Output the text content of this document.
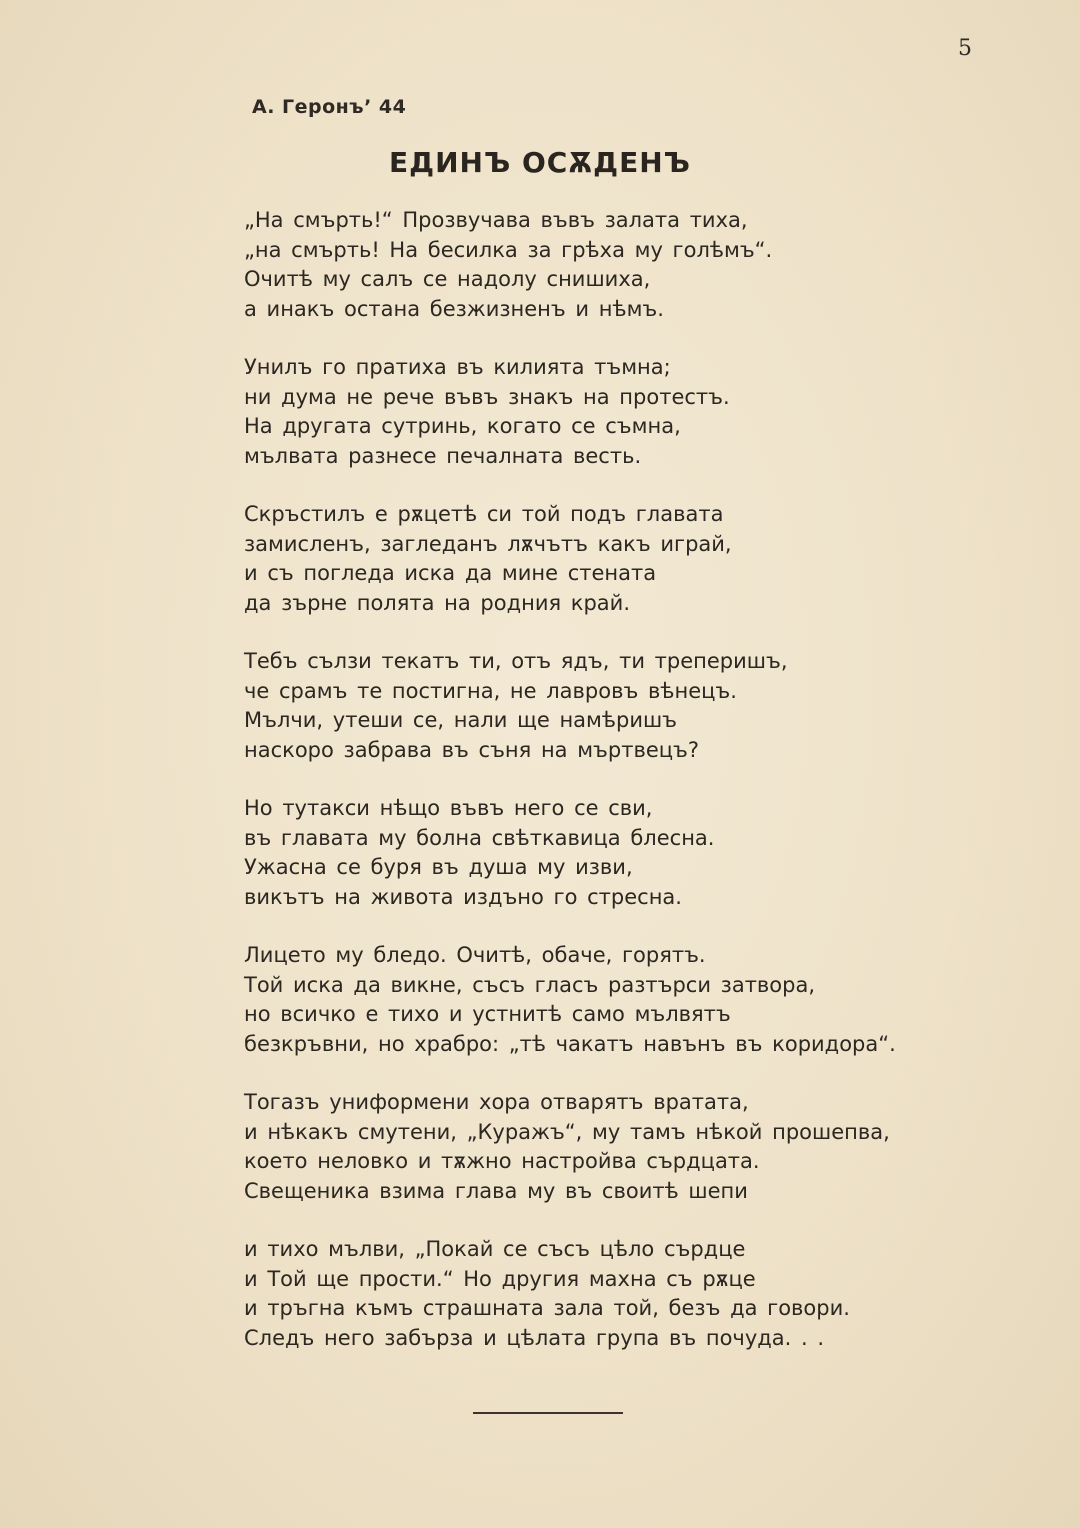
5
А. Геронъ’ 44
ЕДИНЪ ОСѪДЕНЪ
„На смърть!“ Прозвучава въвъ залата тиха,
„на смърть! На бесилка за грѣха му голѣмъ“.
Очитѣ му салъ се надолу снишиха,
а инакъ остана безжизненъ и нѣмъ.
Унилъ го пратиха въ килията тъмна;
ни дума не рече въвъ знакъ на протестъ.
На другата сутринь, когато се съмна,
мълвата разнесе печалната весть.
Скръстилъ е рѫцетѣ си той подъ главата
замисленъ, загледанъ лѫчътъ какъ играй,
и съ погледа иска да мине стената
да зърне полята на родния край.
Тебъ сълзи текатъ ти, отъ ядъ, ти треперишъ,
че срамъ те постигна, не лавровъ вѣнецъ.
Мълчи, утеши се, нали ще намѣришъ
наскоро забрава въ съня на мъртвецъ?
Но тутакси нѣщо въвъ него се сви,
въ главата му болна свѣткавица блесна.
Ужасна се буря въ душа му изви,
викътъ на живота издъно го стресна.
Лицето му бледо. Очитѣ, обаче, горятъ.
Той иска да викне, съсъ гласъ разтърси затвора,
но всичко е тихо и устнитѣ само мълвятъ
безкръвни, но храбро: „тѣ чакатъ навънъ въ коридора“.
Тогазъ униформени хора отварятъ вратата,
и нѣкакъ смутени, „Куражъ“, му тамъ нѣкой прошепва,
което неловко и тѫжно настройва сърдцата.
Свещеника взима глава му въ своитѣ шепи
и тихо мълви, „Покай се съсъ цѣло сърдце
и Той ще прости.“ Но другия махна съ рѫце
и тръгна къмъ страшната зала той, безъ да говори.
Следъ него забърза и цѣлата група въ почуда. . .
